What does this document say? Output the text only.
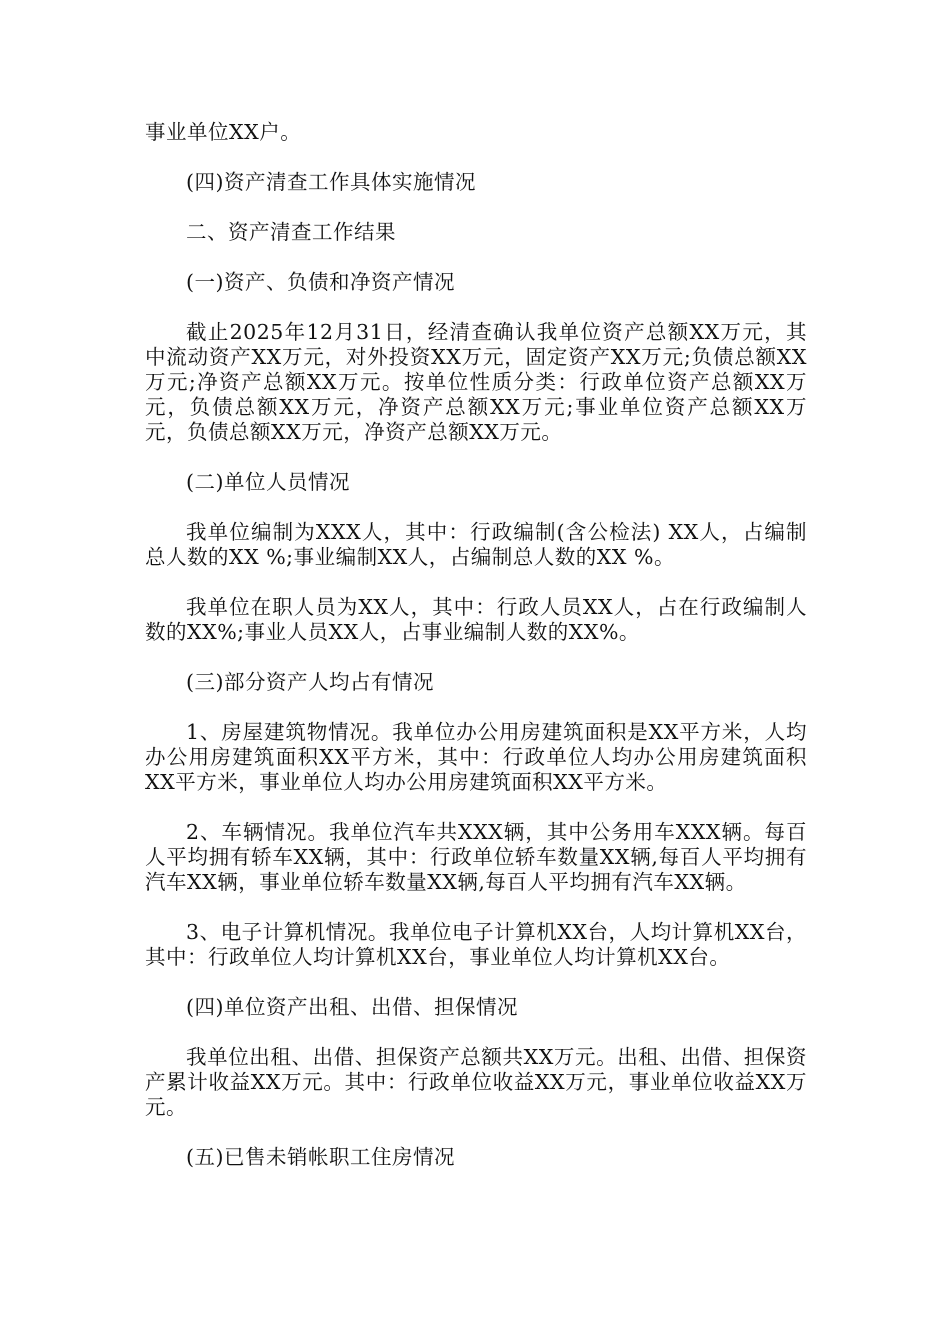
事业单位XX户。

(四)资产清查工作具体实施情况

二、资产清查工作结果

(一)资产、负债和净资产情况

截止2025年12月31日，经清查确认我单位资产总额XX万元，其中流动资产XX万元，对外投资XX万元，固定资产XX万元;负债总额XX万元;净资产总额XX万元。按单位性质分类：行政单位资产总额XX万元，负债总额XX万元，净资产总额XX万元;事业单位资产总额XX万元，负债总额XX万元，净资产总额XX万元。

(二)单位人员情况

我单位编制为XXX人，其中：行政编制(含公检法) XX人，占编制总人数的XX %;事业编制XX人，占编制总人数的XX %。

我单位在职人员为XX人，其中：行政人员XX人，占在行政编制人数的XX%;事业人员XX人，占事业编制人数的XX%。

(三)部分资产人均占有情况

1、房屋建筑物情况。我单位办公用房建筑面积是XX平方米，人均办公用房建筑面积XX平方米，其中：行政单位人均办公用房建筑面积XX平方米，事业单位人均办公用房建筑面积XX平方米。

2、车辆情况。我单位汽车共XXX辆，其中公务用车XXX辆。每百人平均拥有轿车XX辆，其中：行政单位轿车数量XX辆,每百人平均拥有汽车XX辆，事业单位轿车数量XX辆,每百人平均拥有汽车XX辆。

3、电子计算机情况。我单位电子计算机XX台，人均计算机XX台，其中：行政单位人均计算机XX台，事业单位人均计算机XX台。

(四)单位资产出租、出借、担保情况

我单位出租、出借、担保资产总额共XX万元。出租、出借、担保资产累计收益XX万元。其中：行政单位收益XX万元，事业单位收益XX万元。

(五)已售未销帐职工住房情况
